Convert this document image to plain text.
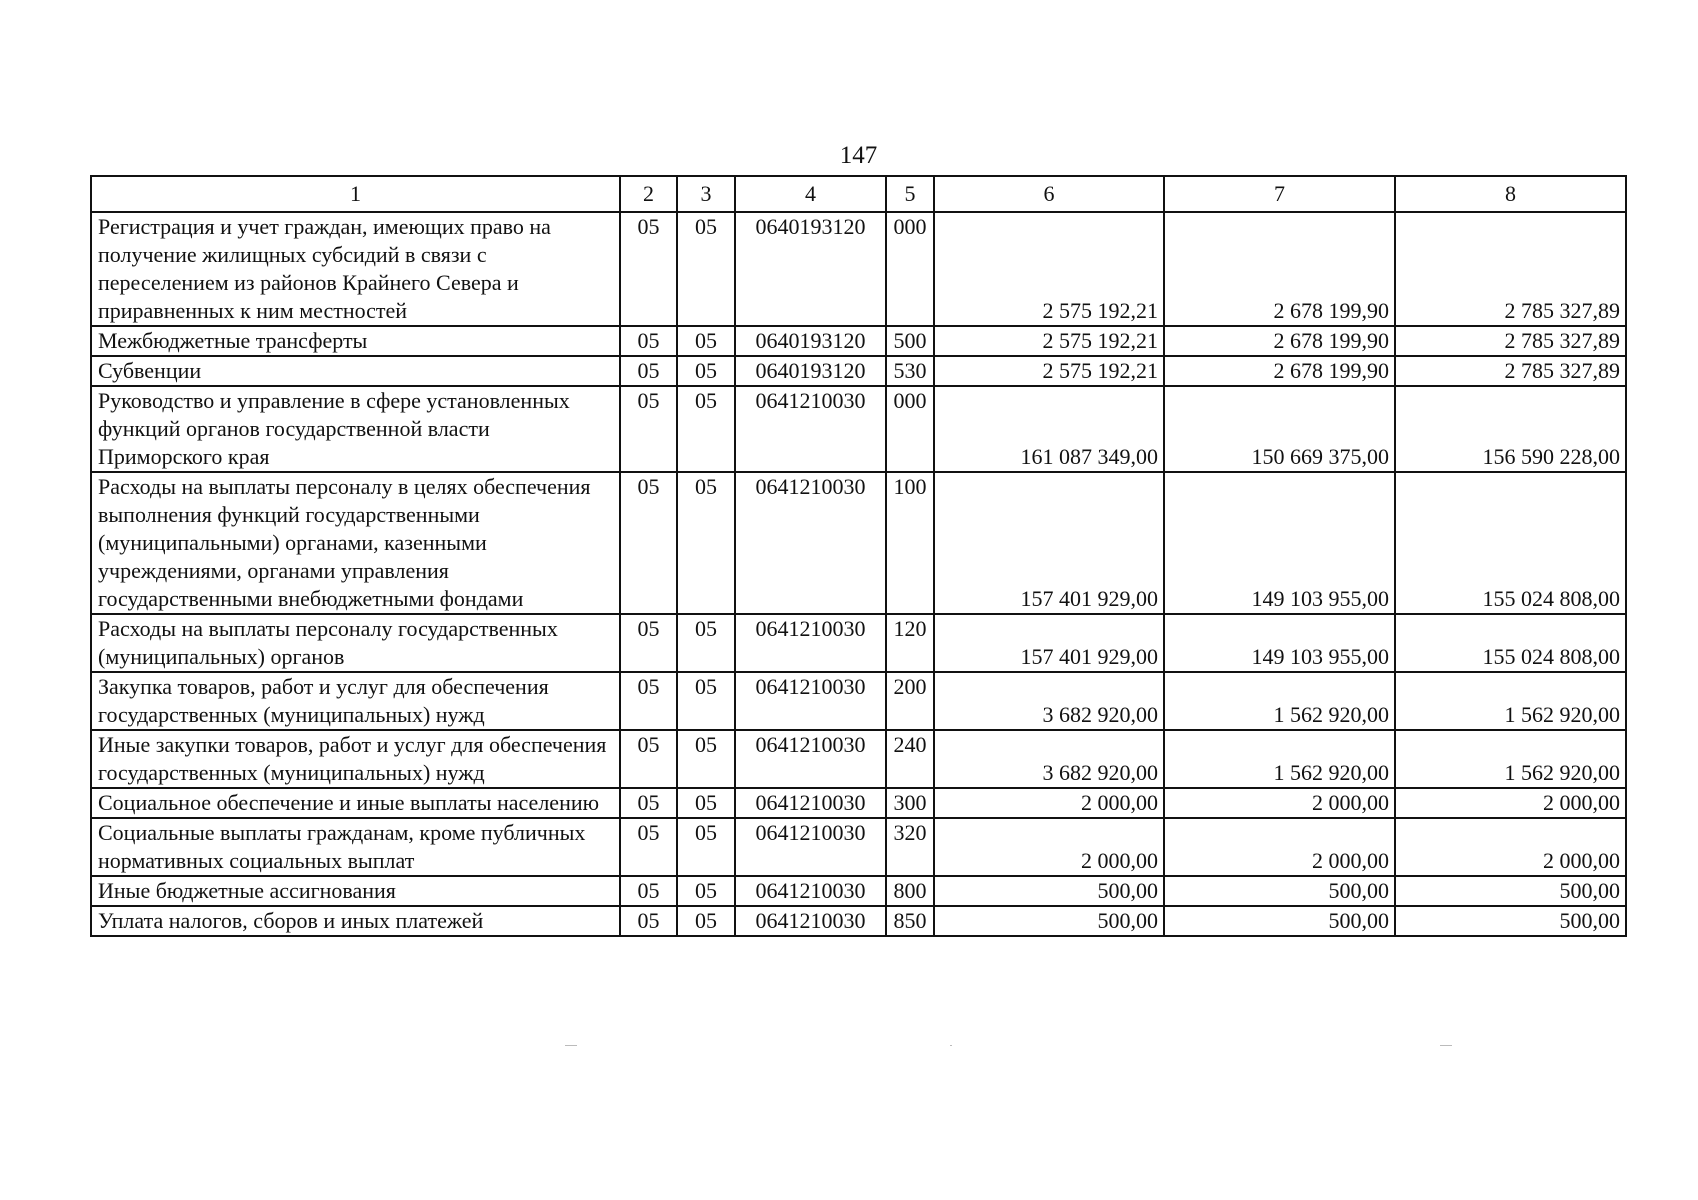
147
1	2	3	4	5	6	7	8
Регистрация и учет граждан, имеющих право на получение жилищных субсидий в связи с переселением из районов Крайнего Севера и приравненных к ним местностей	05	05	0640193120	000	2 575 192,21	2 678 199,90	2 785 327,89
Межбюджетные трансферты	05	05	0640193120	500	2 575 192,21	2 678 199,90	2 785 327,89
Субвенции	05	05	0640193120	530	2 575 192,21	2 678 199,90	2 785 327,89
Руководство и управление в сфере установленных функций органов государственной власти Приморского края	05	05	0641210030	000	161 087 349,00	150 669 375,00	156 590 228,00
Расходы на выплаты персоналу в целях обеспечения выполнения функций государственными (муниципальными) органами, казенными учреждениями, органами управления государственными внебюджетными фондами	05	05	0641210030	100	157 401 929,00	149 103 955,00	155 024 808,00
Расходы на выплаты персоналу государственных (муниципальных) органов	05	05	0641210030	120	157 401 929,00	149 103 955,00	155 024 808,00
Закупка товаров, работ и услуг для обеспечения государственных (муниципальных) нужд	05	05	0641210030	200	3 682 920,00	1 562 920,00	1 562 920,00
Иные закупки товаров, работ и услуг для обеспечения государственных (муниципальных) нужд	05	05	0641210030	240	3 682 920,00	1 562 920,00	1 562 920,00
Социальное обеспечение и иные выплаты населению	05	05	0641210030	300	2 000,00	2 000,00	2 000,00
Социальные выплаты гражданам, кроме публичных нормативных социальных выплат	05	05	0641210030	320	2 000,00	2 000,00	2 000,00
Иные бюджетные ассигнования	05	05	0641210030	800	500,00	500,00	500,00
Уплата налогов, сборов и иных платежей	05	05	0641210030	850	500,00	500,00	500,00
